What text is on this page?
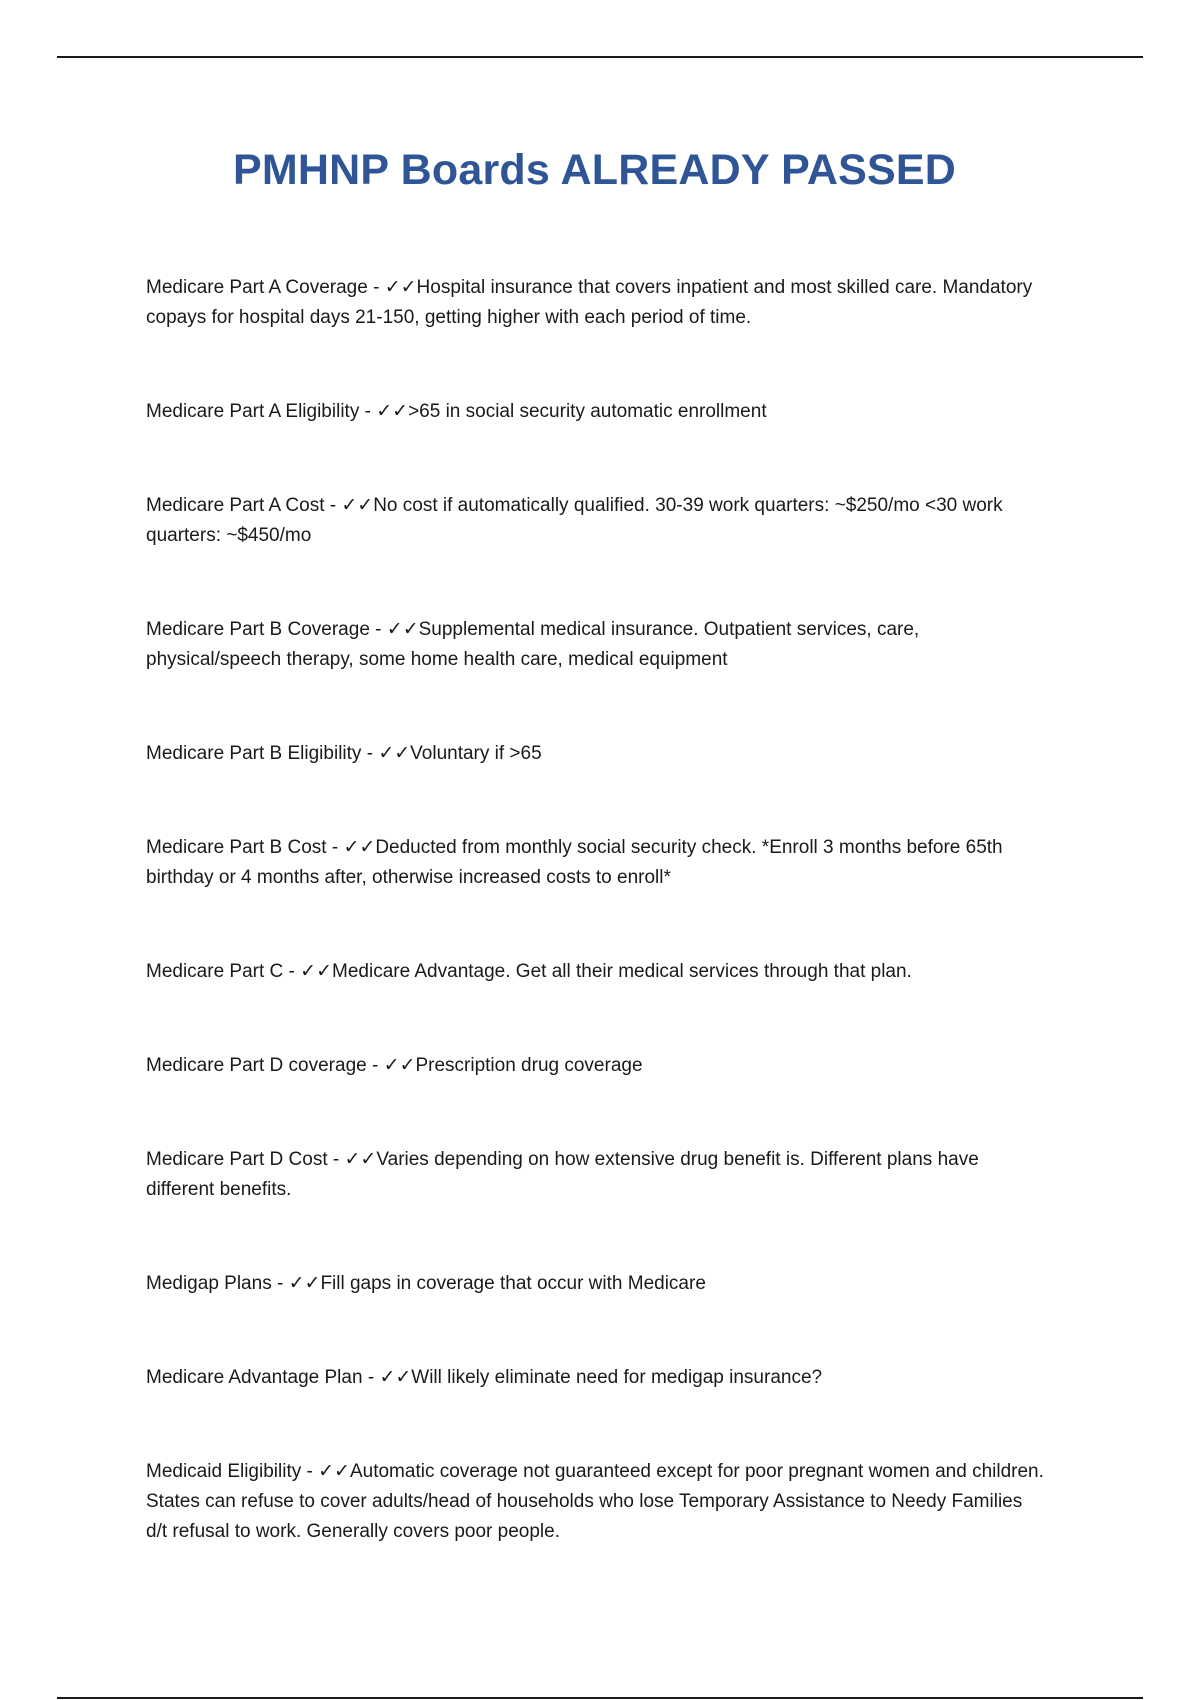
PMHNP Boards ALREADY PASSED
Medicare Part A Coverage - ✓✓Hospital insurance that covers inpatient and most skilled care. Mandatory copays for hospital days 21-150, getting higher with each period of time.
Medicare Part A Eligibility - ✓✓>65 in social security automatic enrollment
Medicare Part A Cost - ✓✓No cost if automatically qualified. 30-39 work quarters: ~$250/mo <30 work quarters: ~$450/mo
Medicare Part B Coverage - ✓✓Supplemental medical insurance. Outpatient services, care, physical/speech therapy, some home health care, medical equipment
Medicare Part B Eligibility - ✓✓Voluntary if >65
Medicare Part B Cost - ✓✓Deducted from monthly social security check. *Enroll 3 months before 65th birthday or 4 months after, otherwise increased costs to enroll*
Medicare Part C - ✓✓Medicare Advantage. Get all their medical services through that plan.
Medicare Part D coverage - ✓✓Prescription drug coverage
Medicare Part D Cost - ✓✓Varies depending on how extensive drug benefit is. Different plans have different benefits.
Medigap Plans - ✓✓Fill gaps in coverage that occur with Medicare
Medicare Advantage Plan - ✓✓Will likely eliminate need for medigap insurance?
Medicaid Eligibility - ✓✓Automatic coverage not guaranteed except for poor pregnant women and children. States can refuse to cover adults/head of households who lose Temporary Assistance to Needy Families d/t refusal to work. Generally covers poor people.
